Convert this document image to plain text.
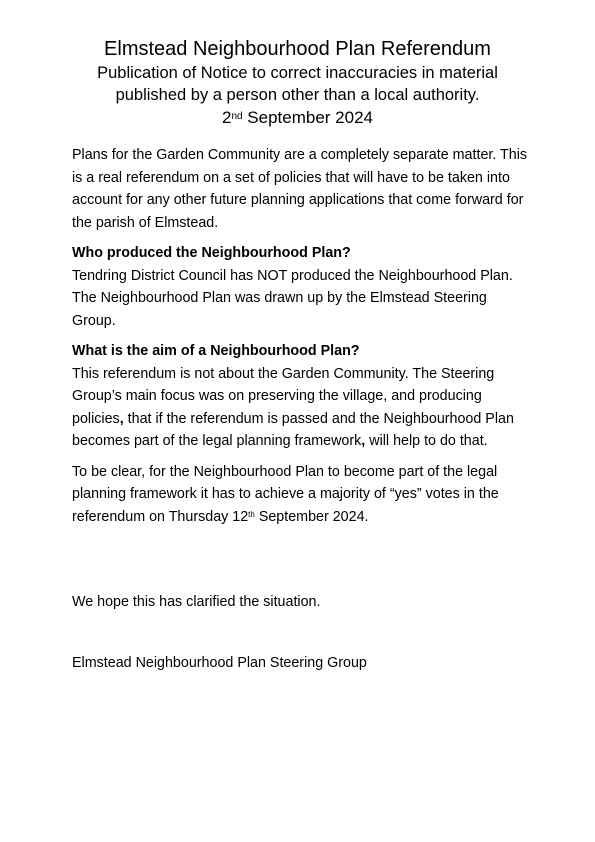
Elmstead Neighbourhood Plan Referendum

Publication of Notice to correct inaccuracies in material

published by a person other than a local authority.

2nd September 2024

Plans for the Garden Community are a completely separate matter. This is a real referendum on a set of policies that will have to be taken into account for any other future planning applications that come forward for the parish of Elmstead.

Who produced the Neighbourhood Plan?

Tendring District Council has NOT produced the Neighbourhood Plan. The Neighbourhood Plan was drawn up by the Elmstead Steering Group.

What is the aim of a Neighbourhood Plan?

This referendum is not about the Garden Community. The Steering Group’s main focus was on preserving the village, and producing policies, that if the referendum is passed and the Neighbourhood Plan becomes part of the legal planning framework, will help to do that.

To be clear, for the Neighbourhood Plan to become part of the legal planning framework it has to achieve a majority of “yes” votes in the referendum on Thursday 12th September 2024.

We hope this has clarified the situation.

Elmstead Neighbourhood Plan Steering Group
